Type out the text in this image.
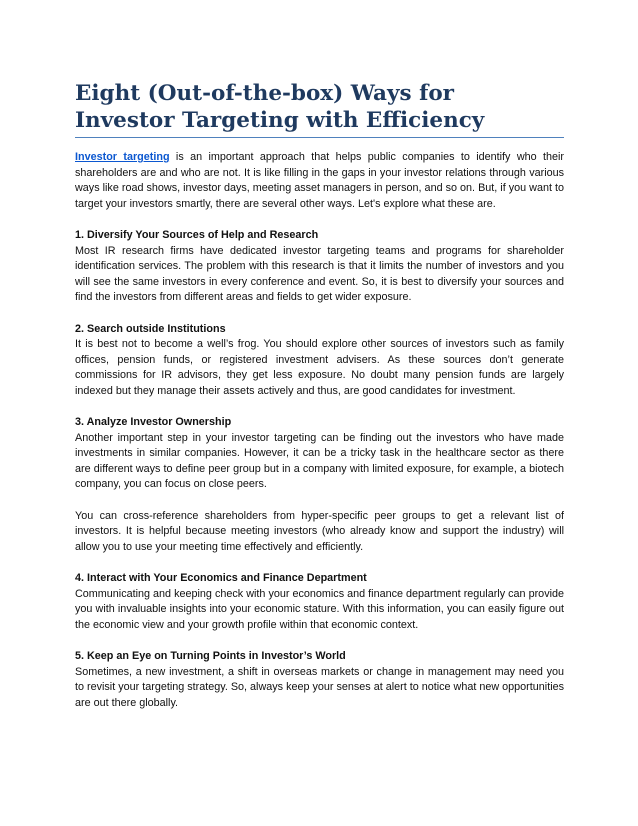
Eight (Out-of-the-box) Ways for
Investor Targeting with Efficiency

Investor targeting is an important approach that helps public companies to identify who their shareholders are and who are not. It is like filling in the gaps in your investor relations through various ways like road shows, investor days, meeting asset managers in person, and so on. But, if you want to target your investors smartly, there are several other ways. Let's explore what these are.

1. Diversify Your Sources of Help and Research

Most IR research firms have dedicated investor targeting teams and programs for shareholder identification services. The problem with this research is that it limits the number of investors and you will see the same investors in every conference and event. So, it is best to diversify your sources and find the investors from different areas and fields to get wider exposure.

2. Search outside Institutions

It is best not to become a well’s frog. You should explore other sources of investors such as family offices, pension funds, or registered investment advisers. As these sources don’t generate commissions for IR advisors, they get less exposure. No doubt many pension funds are largely indexed but they manage their assets actively and thus, are good candidates for investment.

3. Analyze Investor Ownership

Another important step in your investor targeting can be finding out the investors who have made investments in similar companies. However, it can be a tricky task in the healthcare sector as there are different ways to define peer group but in a company with limited exposure, for example, a biotech company, you can focus on close peers.

You can cross-reference shareholders from hyper-specific peer groups to get a relevant list of investors. It is helpful because meeting investors (who already know and support the industry) will allow you to use your meeting time effectively and efficiently.

4. Interact with Your Economics and Finance Department

Communicating and keeping check with your economics and finance department regularly can provide you with invaluable insights into your economic stature. With this information, you can easily figure out the economic view and your growth profile within that economic context.

5. Keep an Eye on Turning Points in Investor’s World

Sometimes, a new investment, a shift in overseas markets or change in management may need you to revisit your targeting strategy. So, always keep your senses at alert to notice what new opportunities are out there globally.
